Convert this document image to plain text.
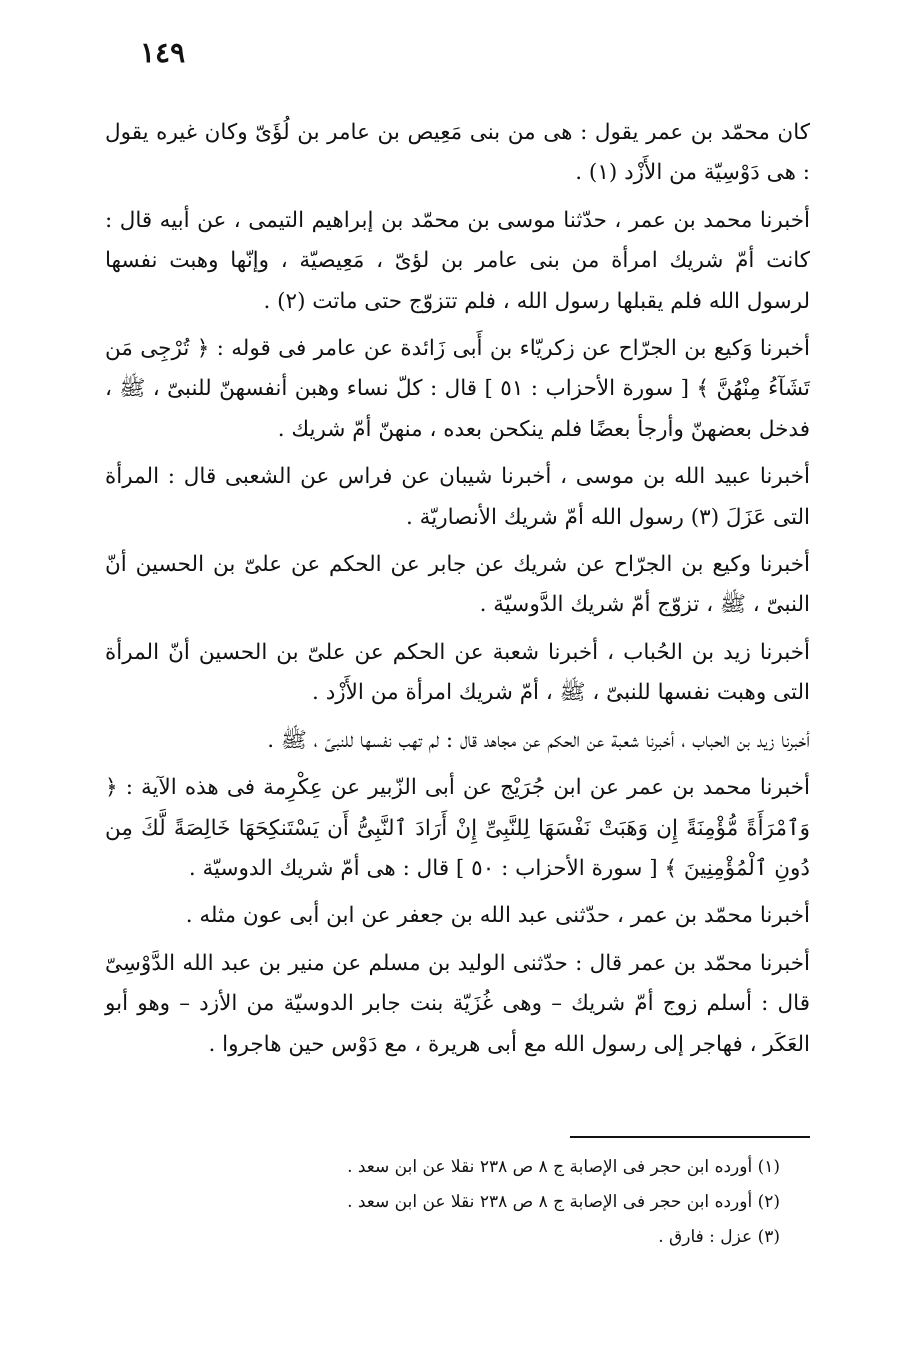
١٤٩

كان محمّد بن عمر يقول : هى من بنى مَعِيص بن عامر بن لُؤَىّ وكان غيره يقول : هى دَوْسِيّة من الأَزْد (١) .

أخبرنا محمد بن عمر ، حدّثنا موسى بن محمّد بن إبراهيم التيمى ، عن أبيه قال : كانت أمّ شريك امرأة من بنى عامر بن لؤىّ ، مَعِيصيّة ، وإنّها وهبت نفسها لرسول الله فلم يقبلها رسول الله ، فلم تتزوّج حتى ماتت (٢) .

أخبرنا وَكيع بن الجرّاح عن زكريّاء بن أَبى زَائدة عن عامر فى قوله : ﴿ تُرْجِى مَن تَشَآءُ مِنْهُنَّ ﴾ [ سورة الأحزاب : ٥١ ] قال : كلّ نساء وهبن أنفسهنّ للنبىّ ، ﷺ ، فدخل بعضهنّ وأرجأ بعضًا فلم ينكحن بعده ، منهنّ أمّ شريك .

أخبرنا عبيد الله بن موسى ، أخبرنا شيبان عن فراس عن الشعبى قال : المرأة التى عَزَلَ (٣) رسول الله أمّ شريك الأنصاريّة .

أخبرنا وكيع بن الجرّاح عن شريك عن جابر عن الحكم عن علىّ بن الحسين أنّ النبىّ ، ﷺ ، تزوّج أمّ شريك الدَّوسيّة .

أخبرنا زيد بن الحُباب ، أخبرنا شعبة عن الحكم عن علىّ بن الحسين أنّ المرأة التى وهبت نفسها للنبىّ ، ﷺ ، أمّ شريك امرأة من الأَزْد .

أخبرنا زيد بن الحباب ، أخبرنا شعبة عن الحكم عن مجاهد قال : لم تهب نفسها للنبىّ ، ﷺ .

أخبرنا محمد بن عمر عن ابن جُرَيْج عن أبى الزّبير عن عِكْرِمة فى هذه الآية : ﴿ وَٱمْرَأَةً مُّؤْمِنَةً إِن وَهَبَتْ نَفْسَهَا لِلنَّبِىِّ إِنْ أَرَادَ ٱلنَّبِىُّ أَن يَسْتَنكِحَهَا خَالِصَةً لَّكَ مِن دُونِ ٱلْمُؤْمِنِينَ ﴾ [ سورة الأحزاب : ٥٠ ] قال : هى أمّ شريك الدوسيّة .

أخبرنا محمّد بن عمر ، حدّثنى عبد الله بن جعفر عن ابن أبى عون مثله .

أخبرنا محمّد بن عمر قال : حدّثنى الوليد بن مسلم عن منير بن عبد الله الدَّوْسِىّ قال : أسلم زوج أمّ شريك – وهى غُزَيّة بنت جابر الدوسيّة من الأزد – وهو أبو العَكَر ، فهاجر إلى رسول الله مع أبى هريرة ، مع دَوْس حين هاجروا .

(١) أورده ابن حجر فى الإصابة ج ٨ ص ٢٣٨ نقلا عن ابن سعد .

(٢) أورده ابن حجر فى الإصابة ج ٨ ص ٢٣٨ نقلا عن ابن سعد .

(٣) عزل : فارق .
